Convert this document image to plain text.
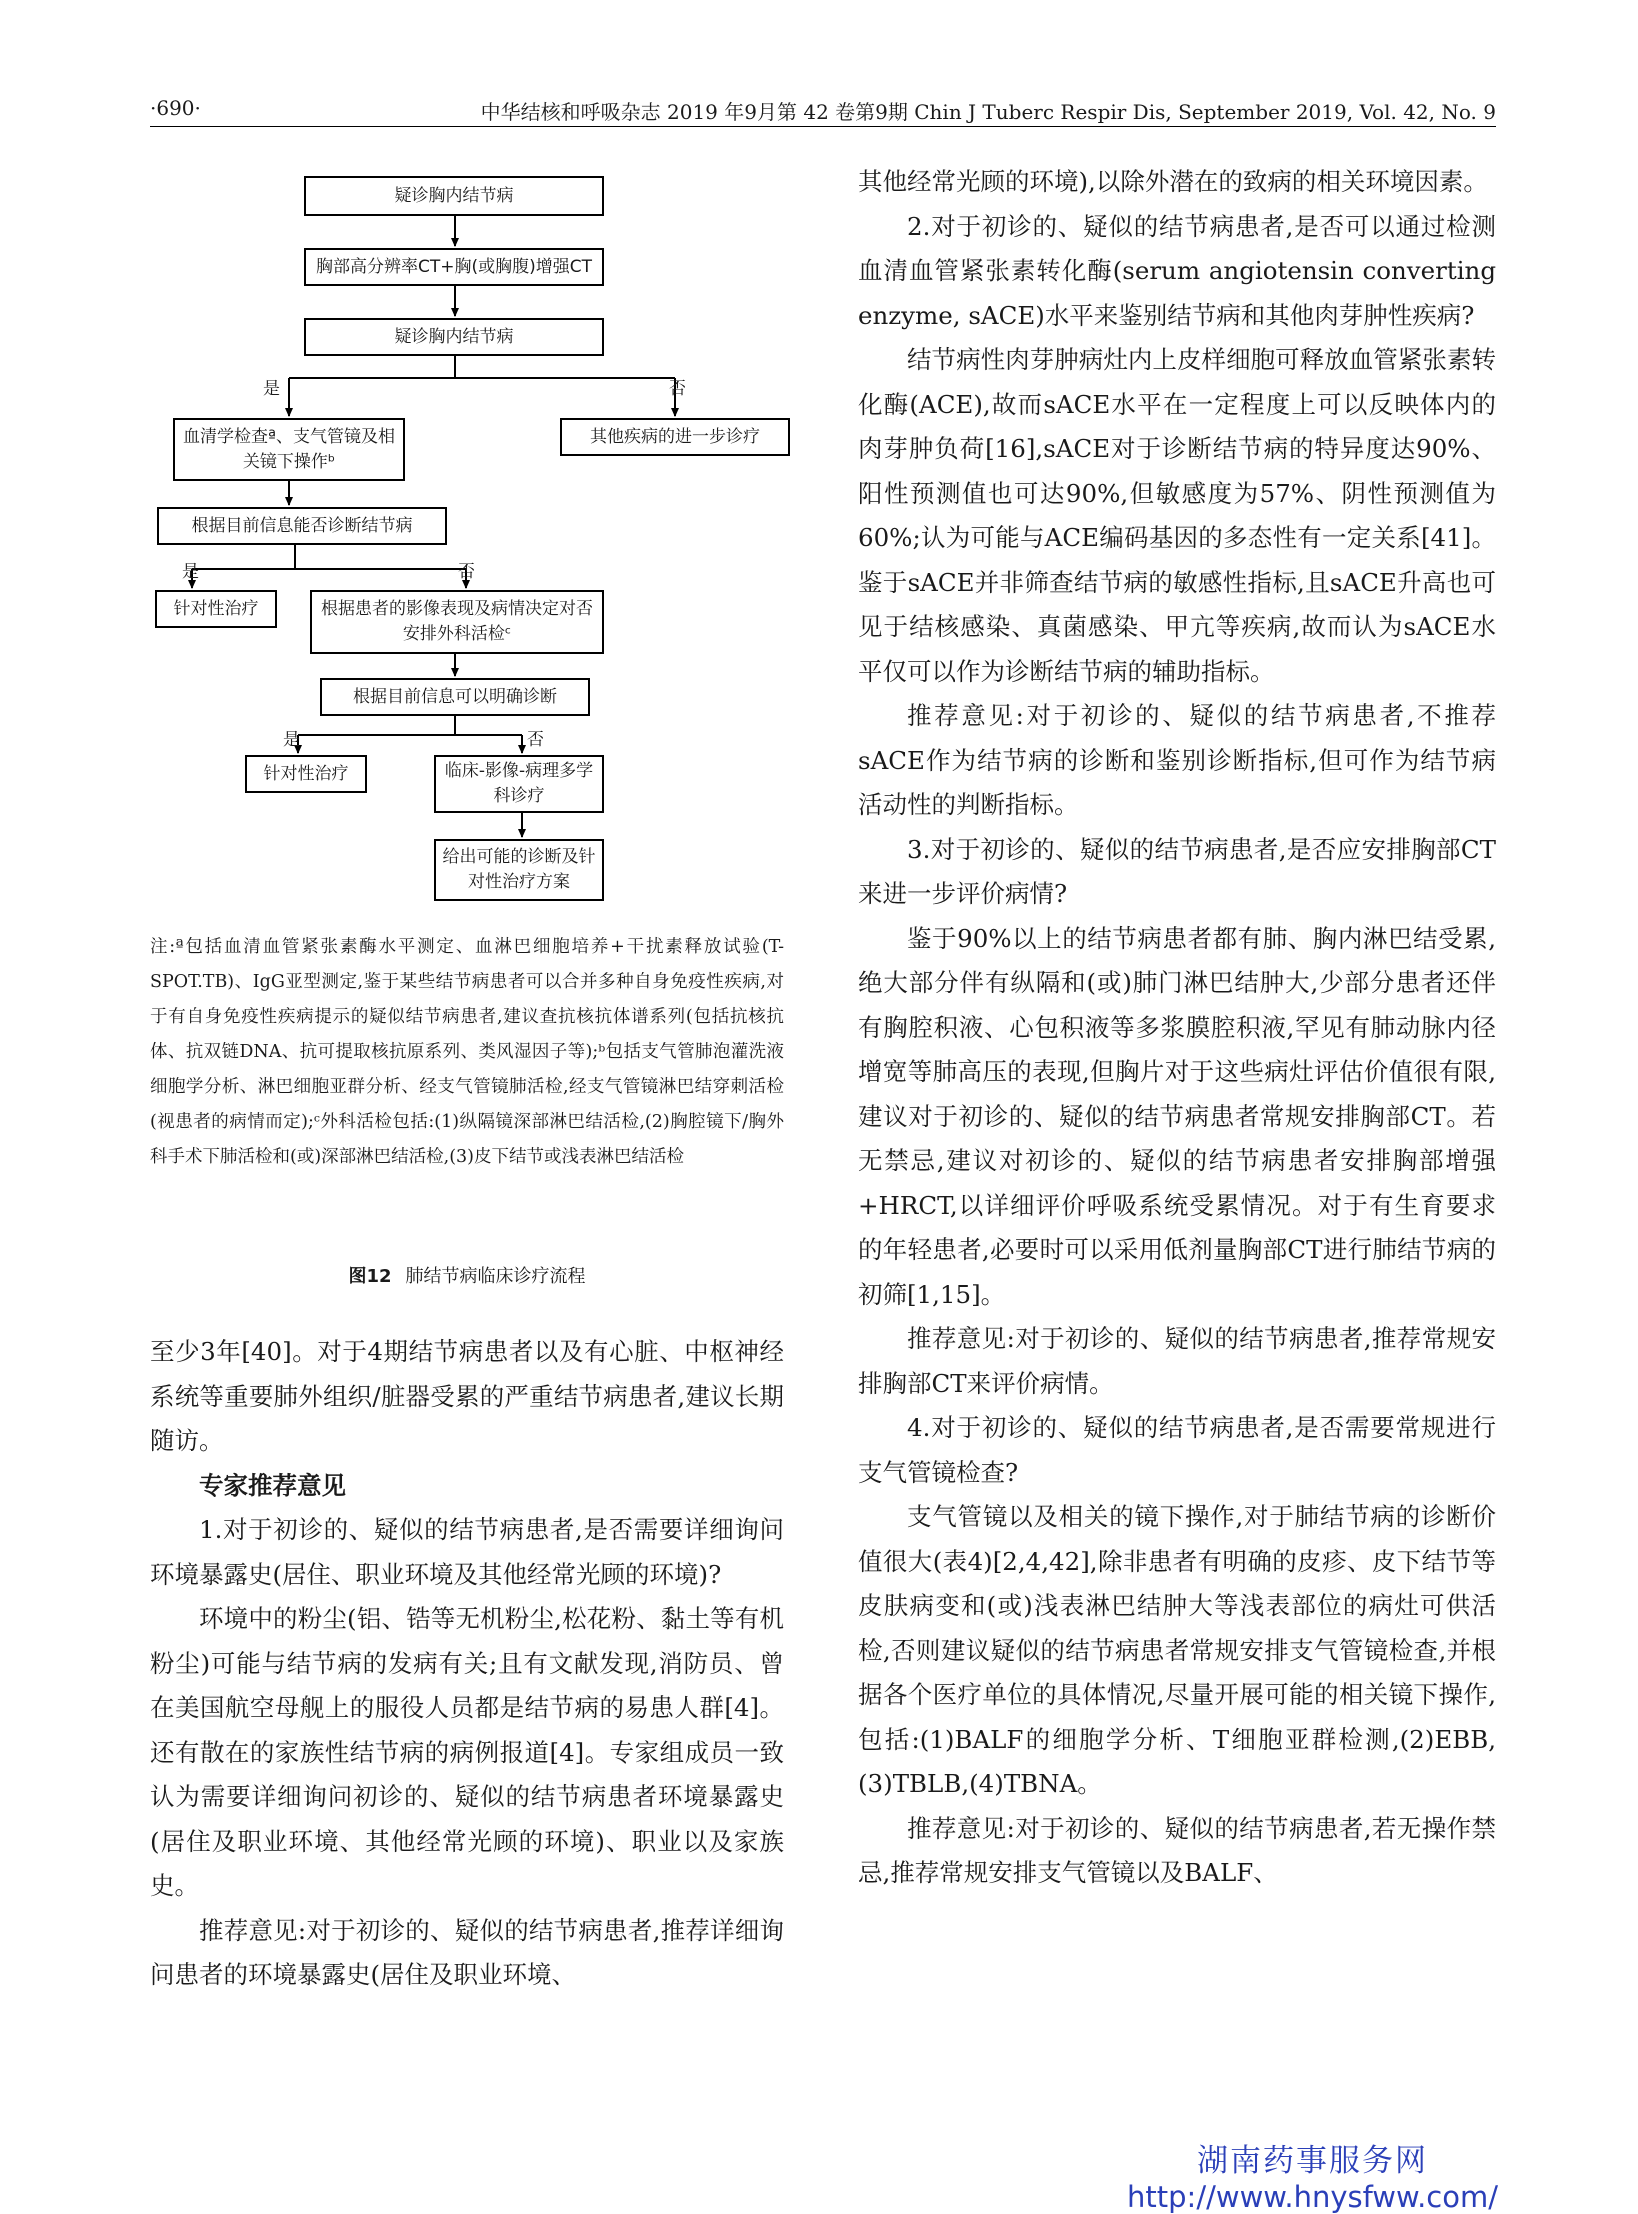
·690·	中华结核和呼吸杂志 2019 年9月第 42 卷第9期 Chin J Tuberc Respir Dis, September 2019, Vol. 42, No. 9
疑诊胸内结节病
胸部高分辨率CT+胸(或胸腹)增强CT
疑诊胸内结节病
是	否
血清学检查ª、支气管镜及相关镜下操作ᵇ
其他疾病的进一步诊疗
根据目前信息能否诊断结节病
是	否
针对性治疗	根据患者的影像表现及病情决定对否安排外科活检ᶜ
根据目前信息可以明确诊断
是	否
针对性治疗	临床-影像-病理多学科诊疗
给出可能的诊断及针对性治疗方案
注:ª包括血清血管紧张素酶水平测定、血淋巴细胞培养+干扰素释放试验(T-SPOT.TB)、IgG亚型测定,鉴于某些结节病患者可以合并多种自身免疫性疾病,对于有自身免疫性疾病提示的疑似结节病患者,建议查抗核抗体谱系列(包括抗核抗体、抗双链DNA、抗可提取核抗原系列、类风湿因子等);ᵇ包括支气管肺泡灌洗液细胞学分析、淋巴细胞亚群分析、经支气管镜肺活检,经支气管镜淋巴结穿刺活检(视患者的病情而定);ᶜ外科活检包括:(1)纵隔镜深部淋巴结活检,(2)胸腔镜下/胸外科手术下肺活检和(或)深部淋巴结活检,(3)皮下结节或浅表淋巴结活检
图12 肺结节病临床诊疗流程

至少3年[40]。对于4期结节病患者以及有心脏、中枢神经系统等重要肺外组织/脏器受累的严重结节病患者,建议长期随访。

专家推荐意见

1.对于初诊的、疑似的结节病患者,是否需要详细询问环境暴露史(居住、职业环境及其他经常光顾的环境)?

环境中的粉尘(铝、锆等无机粉尘,松花粉、黏土等有机粉尘)可能与结节病的发病有关;且有文献发现,消防员、曾在美国航空母舰上的服役人员都是结节病的易患人群[4]。还有散在的家族性结节病的病例报道[4]。专家组成员一致认为需要详细询问初诊的、疑似的结节病患者环境暴露史(居住及职业环境、其他经常光顾的环境)、职业以及家族史。

推荐意见:对于初诊的、疑似的结节病患者,推荐详细询问患者的环境暴露史(居住及职业环境、

其他经常光顾的环境),以除外潜在的致病的相关环境因素。

2.对于初诊的、疑似的结节病患者,是否可以通过检测血清血管紧张素转化酶(serum angiotensin converting enzyme, sACE)水平来鉴别结节病和其他肉芽肿性疾病?

结节病性肉芽肿病灶内上皮样细胞可释放血管紧张素转化酶(ACE),故而sACE水平在一定程度上可以反映体内的肉芽肿负荷[16],sACE对于诊断结节病的特异度达90%、阳性预测值也可达90%,但敏感度为57%、阴性预测值为60%;认为可能与ACE编码基因的多态性有一定关系[41]。鉴于sACE并非筛查结节病的敏感性指标,且sACE升高也可见于结核感染、真菌感染、甲亢等疾病,故而认为sACE水平仅可以作为诊断结节病的辅助指标。

推荐意见:对于初诊的、疑似的结节病患者,不推荐sACE作为结节病的诊断和鉴别诊断指标,但可作为结节病活动性的判断指标。

3.对于初诊的、疑似的结节病患者,是否应安排胸部CT来进一步评价病情?

鉴于90%以上的结节病患者都有肺、胸内淋巴结受累,绝大部分伴有纵隔和(或)肺门淋巴结肿大,少部分患者还伴有胸腔积液、心包积液等多浆膜腔积液,罕见有肺动脉内径增宽等肺高压的表现,但胸片对于这些病灶评估价值很有限,建议对于初诊的、疑似的结节病患者常规安排胸部CT。若无禁忌,建议对初诊的、疑似的结节病患者安排胸部增强+HRCT,以详细评价呼吸系统受累情况。对于有生育要求的年轻患者,必要时可以采用低剂量胸部CT进行肺结节病的初筛[1,15]。

推荐意见:对于初诊的、疑似的结节病患者,推荐常规安排胸部CT来评价病情。

4.对于初诊的、疑似的结节病患者,是否需要常规进行支气管镜检查?

支气管镜以及相关的镜下操作,对于肺结节病的诊断价值很大(表4)[2,4,42],除非患者有明确的皮疹、皮下结节等皮肤病变和(或)浅表淋巴结肿大等浅表部位的病灶可供活检,否则建议疑似的结节病患者常规安排支气管镜检查,并根据各个医疗单位的具体情况,尽量开展可能的相关镜下操作,包括:(1)BALF的细胞学分析、T细胞亚群检测,(2)EBB,(3)TBLB,(4)TBNA。

推荐意见:对于初诊的、疑似的结节病患者,若无操作禁忌,推荐常规安排支气管镜以及BALF、

湖南药事服务网
http://www.hnysfww.com/
